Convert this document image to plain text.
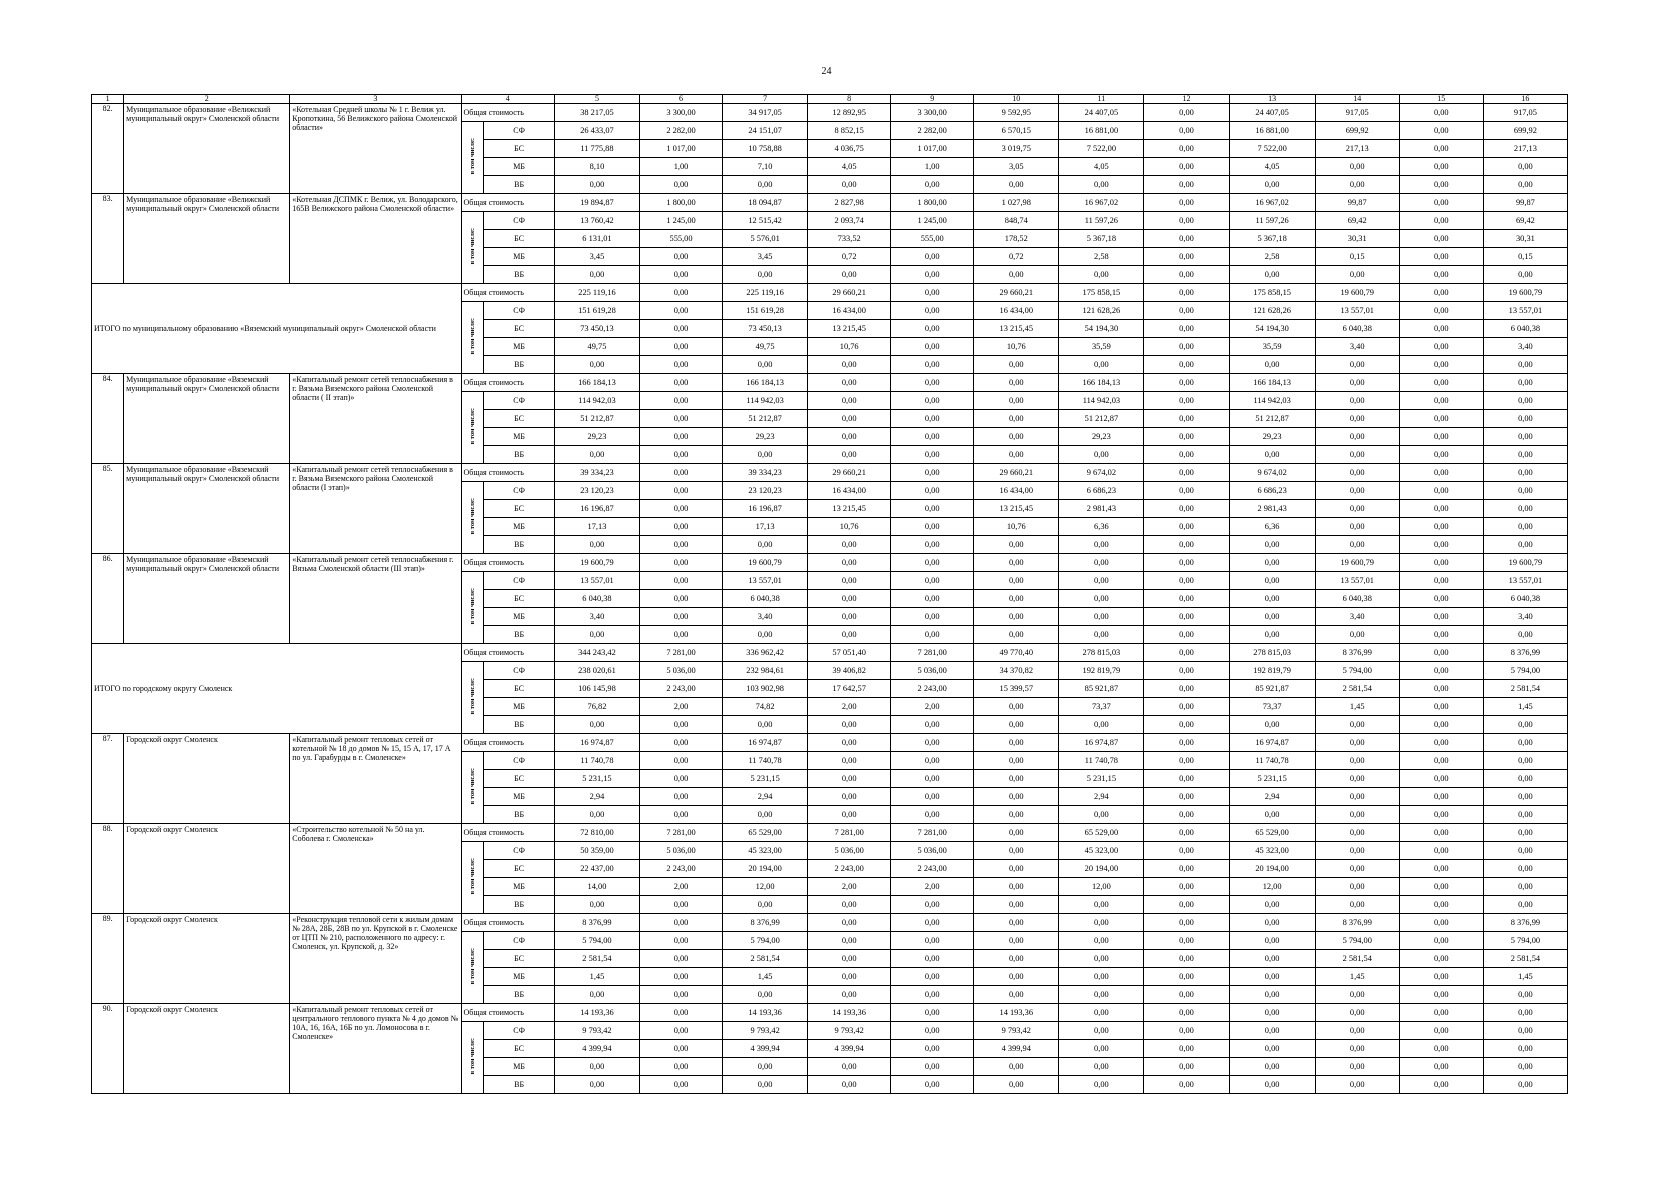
24
1	2	3	4		5	6	7	8	9	10	11	12	13	14	15	16
82.	Муниципальное образование «Велижский муниципальный округ» Смоленской области	«Котельная Средней школы № 1 г. Велиж ул. Кропоткина, 56 Велижского района Смоленской области»	Общая стоимость		38 217,05	3 300,00	34 917,05	12 892,95	3 300,00	9 592,95	24 407,05	0,00	24 407,05	917,05	0,00	917,05
			в том числе:	СФ	26 433,07	2 282,00	24 151,07	8 852,15	2 282,00	6 570,15	16 881,00	0,00	16 881,00	699,92	0,00	699,92
				БС	11 775,88	1 017,00	10 758,88	4 036,75	1 017,00	3 019,75	7 522,00	0,00	7 522,00	217,13	0,00	217,13
				МБ	8,10	1,00	7,10	4,05	1,00	3,05	4,05	0,00	4,05	0,00	0,00	0,00
				ВБ	0,00	0,00	0,00	0,00	0,00	0,00	0,00	0,00	0,00	0,00	0,00	0,00
83.	Муниципальное образование «Велижский муниципальный округ» Смоленской области	«Котельная ДСПМК г. Велиж, ул. Володарского, 165В Велижского района Смоленской области»	Общая стоимость		19 894,87	1 800,00	18 094,87	2 827,98	1 800,00	1 027,98	16 967,02	0,00	16 967,02	99,87	0,00	99,87
			в том числе:	СФ	13 760,42	1 245,00	12 515,42	2 093,74	1 245,00	848,74	11 597,26	0,00	11 597,26	69,42	0,00	69,42
				БС	6 131,01	555,00	5 576,01	733,52	555,00	178,52	5 367,18	0,00	5 367,18	30,31	0,00	30,31
				МБ	3,45	0,00	3,45	0,72	0,00	0,72	2,58	0,00	2,58	0,15	0,00	0,15
				ВБ	0,00	0,00	0,00	0,00	0,00	0,00	0,00	0,00	0,00	0,00	0,00	0,00
ИТОГО по муниципальному образованию «Вяземский муниципальный округ» Смоленской области			Общая стоимость		225 119,16	0,00	225 119,16	29 660,21	0,00	29 660,21	175 858,15	0,00	175 858,15	19 600,79	0,00	19 600,79
			в том числе:	СФ	151 619,28	0,00	151 619,28	16 434,00	0,00	16 434,00	121 628,26	0,00	121 628,26	13 557,01	0,00	13 557,01
				БС	73 450,13	0,00	73 450,13	13 215,45	0,00	13 215,45	54 194,30	0,00	54 194,30	6 040,38	0,00	6 040,38
				МБ	49,75	0,00	49,75	10,76	0,00	10,76	35,59	0,00	35,59	3,40	0,00	3,40
				ВБ	0,00	0,00	0,00	0,00	0,00	0,00	0,00	0,00	0,00	0,00	0,00	0,00
84.	Муниципальное образование «Вяземский муниципальный округ» Смоленской области	«Капитальный ремонт сетей теплоснабжения в г. Вязьма Вяземского района Смоленской области ( II этап)»	Общая стоимость		166 184,13	0,00	166 184,13	0,00	0,00	0,00	166 184,13	0,00	166 184,13	0,00	0,00	0,00
			в том числе:	СФ	114 942,03	0,00	114 942,03	0,00	0,00	0,00	114 942,03	0,00	114 942,03	0,00	0,00	0,00
				БС	51 212,87	0,00	51 212,87	0,00	0,00	0,00	51 212,87	0,00	51 212,87	0,00	0,00	0,00
				МБ	29,23	0,00	29,23	0,00	0,00	0,00	29,23	0,00	29,23	0,00	0,00	0,00
				ВБ	0,00	0,00	0,00	0,00	0,00	0,00	0,00	0,00	0,00	0,00	0,00	0,00
85.	Муниципальное образование «Вяземский муниципальный округ» Смоленской области	«Капитальный ремонт сетей теплоснабжения в г. Вязьма Вяземского района Смоленской области (I этап)»	Общая стоимость		39 334,23	0,00	39 334,23	29 660,21	0,00	29 660,21	9 674,02	0,00	9 674,02	0,00	0,00	0,00
			в том числе:	СФ	23 120,23	0,00	23 120,23	16 434,00	0,00	16 434,00	6 686,23	0,00	6 686,23	0,00	0,00	0,00
				БС	16 196,87	0,00	16 196,87	13 215,45	0,00	13 215,45	2 981,43	0,00	2 981,43	0,00	0,00	0,00
				МБ	17,13	0,00	17,13	10,76	0,00	10,76	6,36	0,00	6,36	0,00	0,00	0,00
				ВБ	0,00	0,00	0,00	0,00	0,00	0,00	0,00	0,00	0,00	0,00	0,00	0,00
86.	Муниципальное образование «Вяземский муниципальный округ» Смоленской области	«Капитальный ремонт сетей теплоснабжения г. Вязьма Смоленской области (III этап)»	Общая стоимость		19 600,79	0,00	19 600,79	0,00	0,00	0,00	0,00	0,00	0,00	19 600,79	0,00	19 600,79
			в том числе:	СФ	13 557,01	0,00	13 557,01	0,00	0,00	0,00	0,00	0,00	0,00	13 557,01	0,00	13 557,01
				БС	6 040,38	0,00	6 040,38	0,00	0,00	0,00	0,00	0,00	0,00	6 040,38	0,00	6 040,38
				МБ	3,40	0,00	3,40	0,00	0,00	0,00	0,00	0,00	0,00	3,40	0,00	3,40
				ВБ	0,00	0,00	0,00	0,00	0,00	0,00	0,00	0,00	0,00	0,00	0,00	0,00
ИТОГО по городскому округу Смоленск			Общая стоимость		344 243,42	7 281,00	336 962,42	57 051,40	7 281,00	49 770,40	278 815,03	0,00	278 815,03	8 376,99	0,00	8 376,99
			в том числе:	СФ	238 020,61	5 036,00	232 984,61	39 406,82	5 036,00	34 370,82	192 819,79	0,00	192 819,79	5 794,00	0,00	5 794,00
				БС	106 145,98	2 243,00	103 902,98	17 642,57	2 243,00	15 399,57	85 921,87	0,00	85 921,87	2 581,54	0,00	2 581,54
				МБ	76,82	2,00	74,82	2,00	2,00	0,00	73,37	0,00	73,37	1,45	0,00	1,45
				ВБ	0,00	0,00	0,00	0,00	0,00	0,00	0,00	0,00	0,00	0,00	0,00	0,00
87.	Городской округ Смоленск	«Капитальный ремонт тепловых сетей от котельной № 18 до домов № 15, 15 А, 17, 17 А по ул. Гарабурды в г. Смоленске»	Общая стоимость		16 974,87	0,00	16 974,87	0,00	0,00	0,00	16 974,87	0,00	16 974,87	0,00	0,00	0,00
			в том числе:	СФ	11 740,78	0,00	11 740,78	0,00	0,00	0,00	11 740,78	0,00	11 740,78	0,00	0,00	0,00
				БС	5 231,15	0,00	5 231,15	0,00	0,00	0,00	5 231,15	0,00	5 231,15	0,00	0,00	0,00
				МБ	2,94	0,00	2,94	0,00	0,00	0,00	2,94	0,00	2,94	0,00	0,00	0,00
				ВБ	0,00	0,00	0,00	0,00	0,00	0,00	0,00	0,00	0,00	0,00	0,00	0,00
88.	Городской округ Смоленск	«Строительство котельной № 50 на ул. Соболева г. Смоленска»	Общая стоимость		72 810,00	7 281,00	65 529,00	7 281,00	7 281,00	0,00	65 529,00	0,00	65 529,00	0,00	0,00	0,00
			в том числе:	СФ	50 359,00	5 036,00	45 323,00	5 036,00	5 036,00	0,00	45 323,00	0,00	45 323,00	0,00	0,00	0,00
				БС	22 437,00	2 243,00	20 194,00	2 243,00	2 243,00	0,00	20 194,00	0,00	20 194,00	0,00	0,00	0,00
				МБ	14,00	2,00	12,00	2,00	2,00	0,00	12,00	0,00	12,00	0,00	0,00	0,00
				ВБ	0,00	0,00	0,00	0,00	0,00	0,00	0,00	0,00	0,00	0,00	0,00	0,00
89.	Городской округ Смоленск	«Реконструкция тепловой сети к жилым домам № 28А, 28Б, 28В по ул. Крупской в г. Смоленске от ЦТП № 210, расположенного по адресу: г. Смоленск, ул. Крупской, д. 32»	Общая стоимость		8 376,99	0,00	8 376,99	0,00	0,00	0,00	0,00	0,00	0,00	8 376,99	0,00	8 376,99
			в том числе:	СФ	5 794,00	0,00	5 794,00	0,00	0,00	0,00	0,00	0,00	0,00	5 794,00	0,00	5 794,00
				БС	2 581,54	0,00	2 581,54	0,00	0,00	0,00	0,00	0,00	0,00	2 581,54	0,00	2 581,54
				МБ	1,45	0,00	1,45	0,00	0,00	0,00	0,00	0,00	0,00	1,45	0,00	1,45
				ВБ	0,00	0,00	0,00	0,00	0,00	0,00	0,00	0,00	0,00	0,00	0,00	0,00
90.	Городской округ Смоленск	«Капитальный ремонт тепловых сетей от центрального теплового пункта № 4 до домов № 10А, 16, 16А, 16Б по ул. Ломоносова в г. Смоленске»	Общая стоимость		14 193,36	0,00	14 193,36	14 193,36	0,00	14 193,36	0,00	0,00	0,00	0,00	0,00	0,00
			в том числе:	СФ	9 793,42	0,00	9 793,42	9 793,42	0,00	9 793,42	0,00	0,00	0,00	0,00	0,00	0,00
				БС	4 399,94	0,00	4 399,94	4 399,94	0,00	4 399,94	0,00	0,00	0,00	0,00	0,00	0,00
				МБ	0,00	0,00	0,00	0,00	0,00	0,00	0,00	0,00	0,00	0,00	0,00	0,00
				ВБ	0,00	0,00	0,00	0,00	0,00	0,00	0,00	0,00	0,00	0,00	0,00	0,00
